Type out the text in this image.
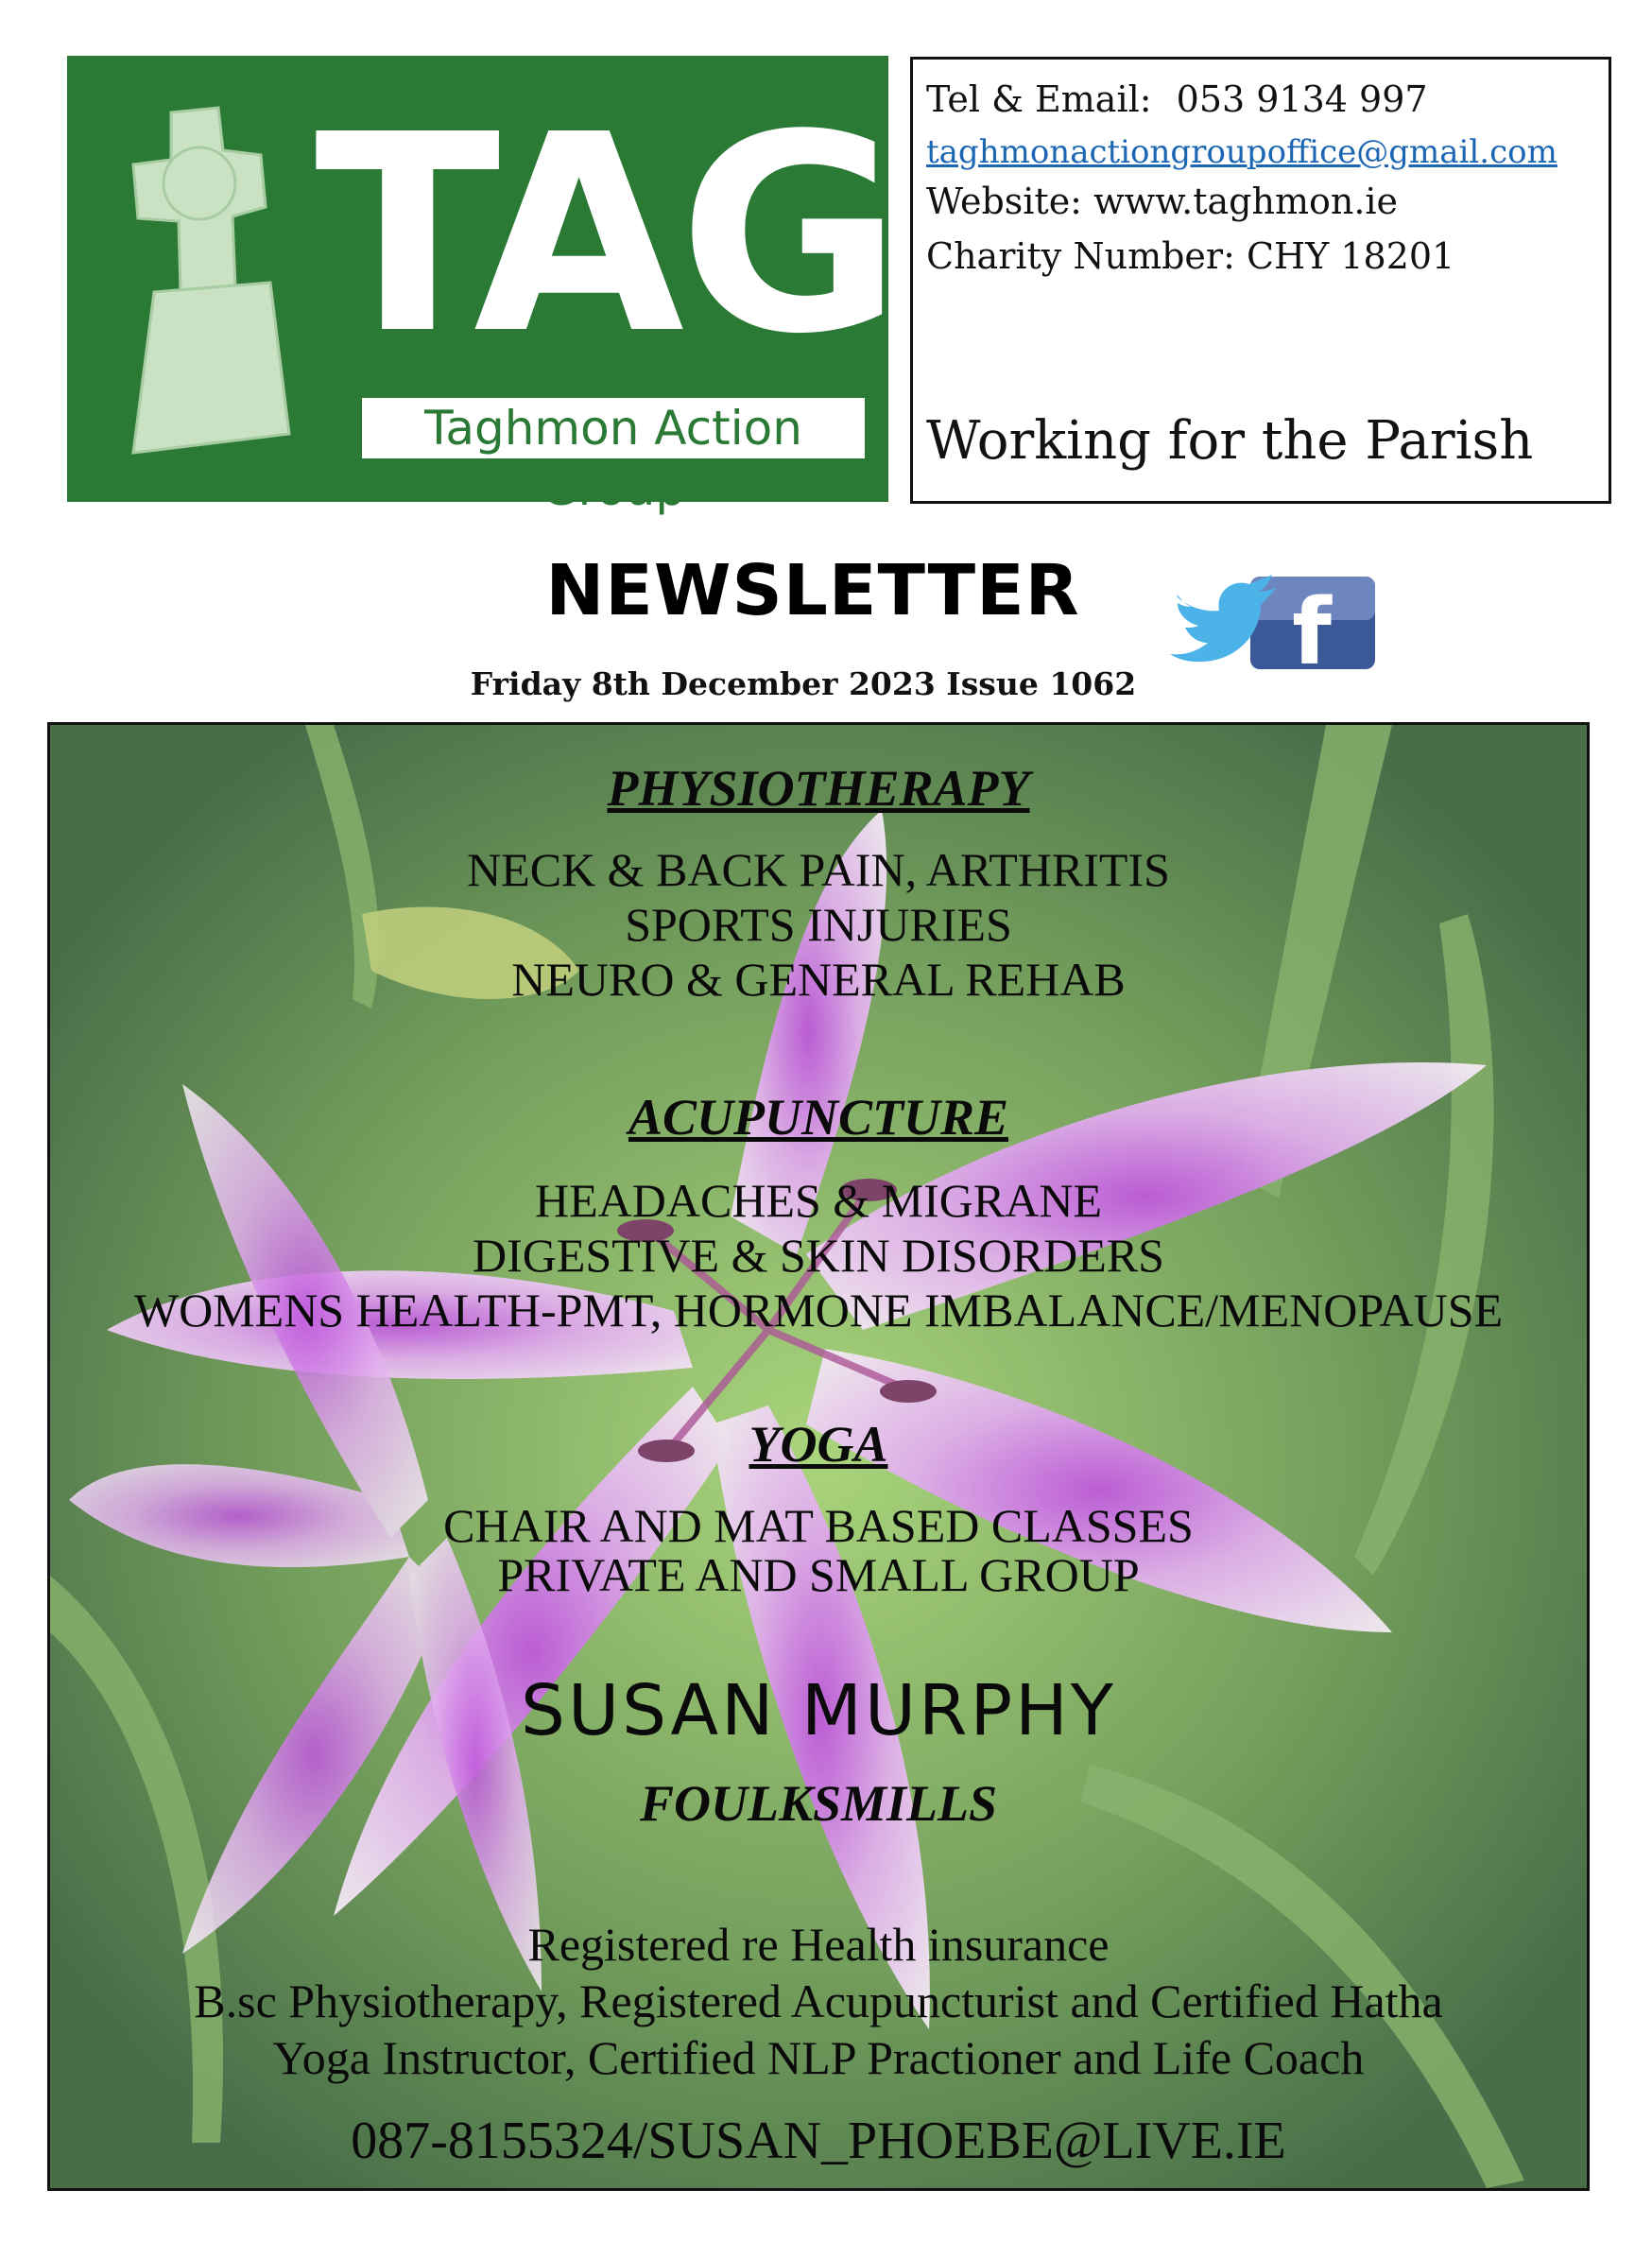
TAG
Taghmon Action Group
Tel & Email: 053 9134 997
taghmonactiongroupoffice@gmail.com
Website: www.taghmon.ie
Charity Number: CHY 18201
Working for the Parish
NEWSLETTER f
Friday 8th December 2023 Issue 1062
PHYSIOTHERAPY
NECK & BACK PAIN, ARTHRITIS
SPORTS INJURIES
NEURO & GENERAL REHAB
ACUPUNCTURE
HEADACHES & MIGRANE
DIGESTIVE & SKIN DISORDERS
WOMENS HEALTH-PMT, HORMONE IMBALANCE/MENOPAUSE
YOGA
CHAIR AND MAT BASED CLASSES
PRIVATE AND SMALL GROUP
SUSAN MURPHY
FOULKSMILLS
Registered re Health insurance
B.sc Physiotherapy, Registered Acupuncturist and Certified Hatha
Yoga Instructor, Certified NLP Practioner and Life Coach
087-8155324/SUSAN_PHOEBE@LIVE.IE
